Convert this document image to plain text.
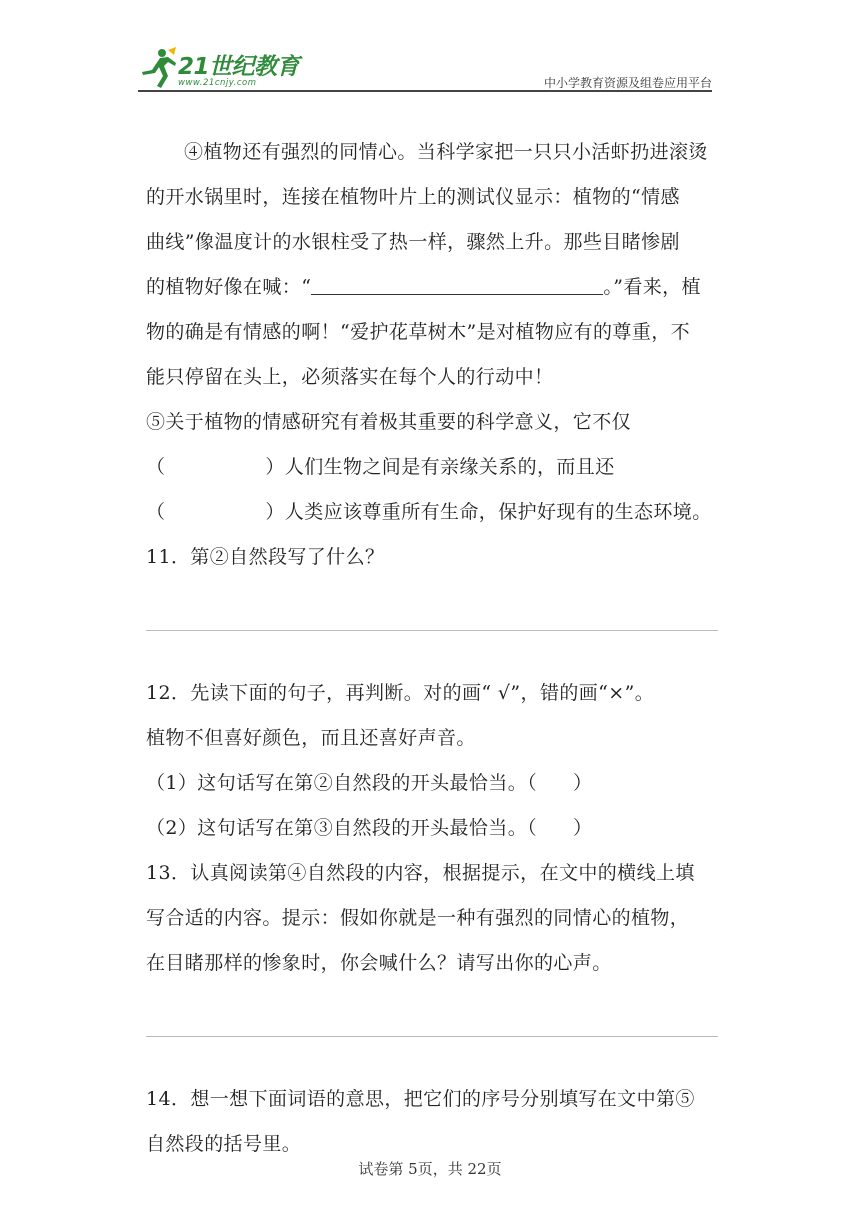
21世纪教育
www.21cnjy.com	中小学教育资源及组卷应用平台
④植物还有强烈的同情心。当科学家把一只只小活虾扔进滚烫
的开水锅里时，连接在植物叶片上的测试仪显示：植物的“情感
曲线”像温度计的水银柱受了热一样，骤然上升。那些目睹惨剧
的植物好像在喊：“	。”看来，植
物的确是有情感的啊！“爱护花草树木”是对植物应有的尊重，不
能只停留在头上，必须落实在每个人的行动中！
⑤关于植物的情感研究有着极其重要的科学意义，它不仅
（	）人们生物之间是有亲缘关系的，而且还
（	）人类应该尊重所有生命，保护好现有的生态环境。
11．第②自然段写了什么？
12．先读下面的句子，再判断。对的画“ √”，错的画“×”。
植物不但喜好颜色，而且还喜好声音。
（1）这句话写在第②自然段的开头最恰当。（ ）
（2）这句话写在第③自然段的开头最恰当。（ ）
13．认真阅读第④自然段的内容，根据提示，在文中的横线上填
写合适的内容。提示：假如你就是一种有强烈的同情心的植物，
在目睹那样的惨象时，你会喊什么？请写出你的心声。
14．想一想下面词语的意思，把它们的序号分别填写在文中第⑤
自然段的括号里。
试卷第 5页，共 22页
